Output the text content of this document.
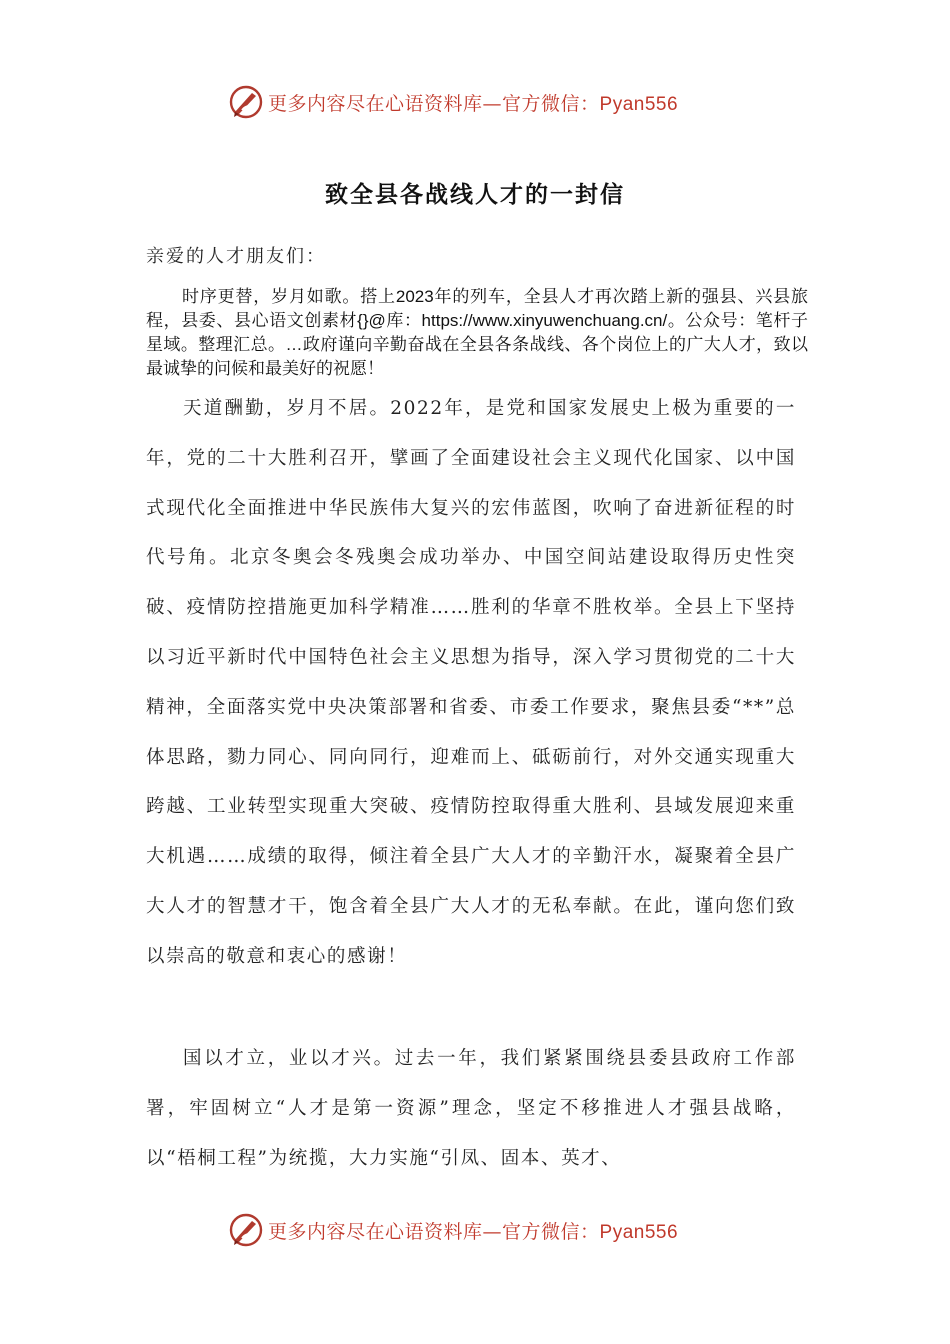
更多内容尽在心语资料库—官方微信：Pyan556
致全县各战线人才的一封信
亲爱的人才朋友们：

时序更替，岁月如歌。搭上2023年的列车，全县人才再次踏上新的强县、兴县旅程，县委、县心语文创素材{}@库：https://www.xinyuwenchuang.cn/。公众号：笔杆子星域。整理汇总。…政府谨向辛勤奋战在全县各条战线、各个岗位上的广大人才，致以最诚挚的问候和最美好的祝愿！

天道酬勤，岁月不居。2022年，是党和国家发展史上极为重要的一年，党的二十大胜利召开，擘画了全面建设社会主义现代化国家、以中国式现代化全面推进中华民族伟大复兴的宏伟蓝图，吹响了奋进新征程的时代号角。北京冬奥会冬残奥会成功举办、中国空间站建设取得历史性突破、疫情防控措施更加科学精准……胜利的华章不胜枚举。全县上下坚持以习近平新时代中国特色社会主义思想为指导，深入学习贯彻党的二十大精神，全面落实党中央决策部署和省委、市委工作要求，聚焦县委“**”总体思路，勠力同心、同向同行，迎难而上、砥砺前行，对外交通实现重大跨越、工业转型实现重大突破、疫情防控取得重大胜利、县域发展迎来重大机遇……成绩的取得，倾注着全县广大人才的辛勤汗水，凝聚着全县广大人才的智慧才干，饱含着全县广大人才的无私奉献。在此，谨向您们致以崇高的敬意和衷心的感谢！

国以才立，业以才兴。过去一年，我们紧紧围绕县委县政府工作部署，牢固树立“人才是第一资源”理念，坚定不移推进人才强县战略，以“梧桐工程”为统揽，大力实施“引凤、固本、英才、

更多内容尽在心语资料库—官方微信：Pyan556
